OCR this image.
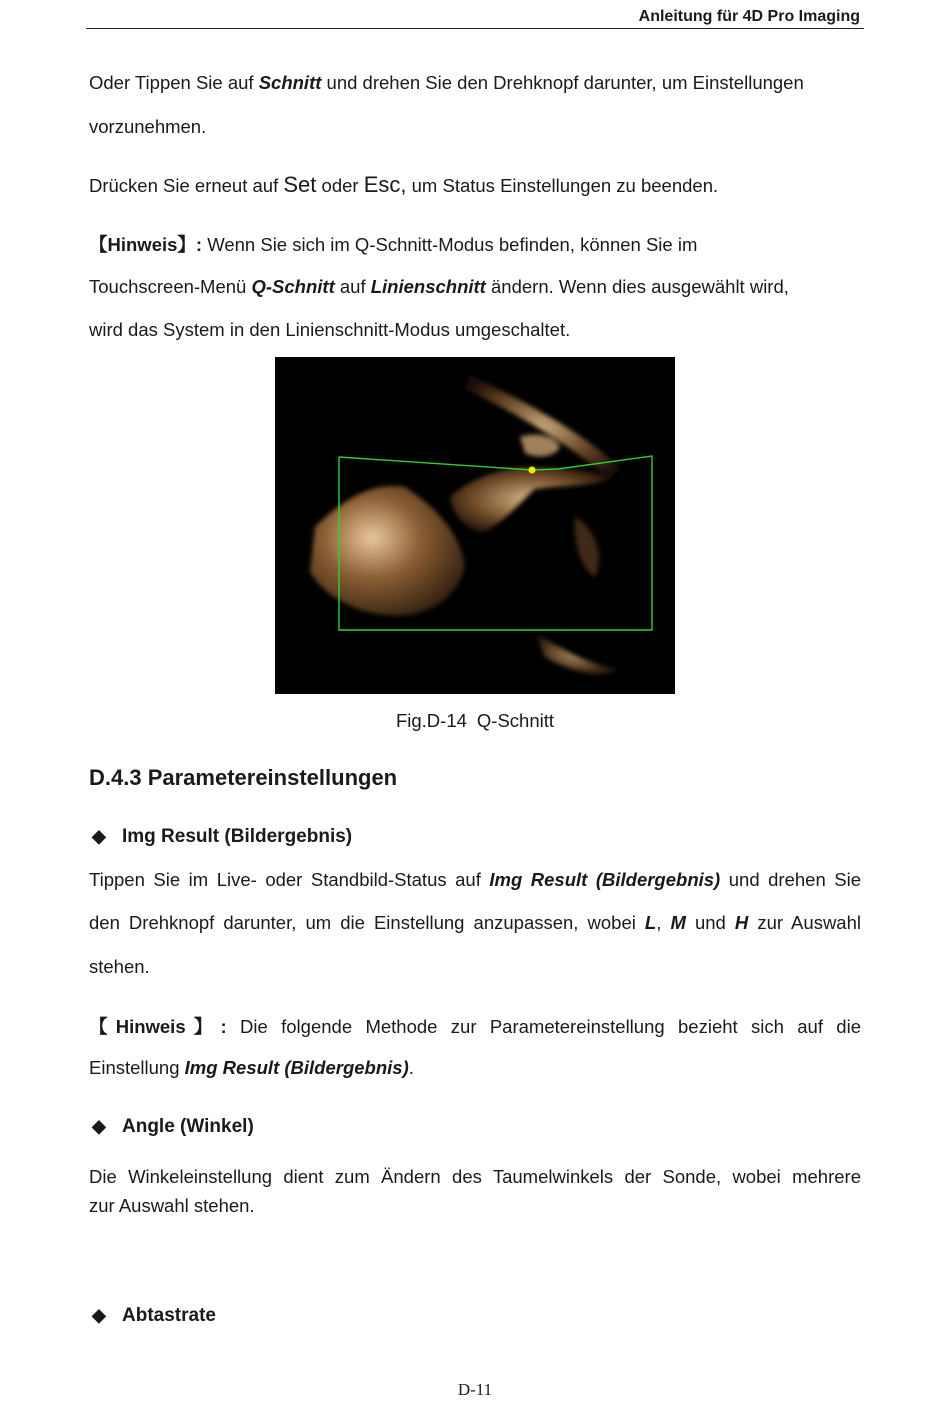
Anleitung für 4D Pro Imaging

Oder Tippen Sie auf Schnitt und drehen Sie den Drehknopf darunter, um Einstellungen

vorzunehmen.

Drücken Sie erneut auf Set oder Esc, um Status Einstellungen zu beenden.

【Hinweis】: Wenn Sie sich im Q-Schnitt-Modus befinden, können Sie im

Touchscreen-Menü Q-Schnitt auf Linienschnitt ändern. Wenn dies ausgewählt wird,

wird das System in den Linienschnitt-Modus umgeschaltet.

Fig.D-14 Q-Schnitt
D.4.3 Parametereinstellungen
◆ Img Result (Bildergebnis)

Tippen Sie im Live- oder Standbild-Status auf Img Result (Bildergebnis) und drehen Sie

den Drehknopf darunter, um die Einstellung anzupassen, wobei L, M und H zur Auswahl

stehen.

【Hinweis】: Die folgende Methode zur Parametereinstellung bezieht sich auf die

Einstellung Img Result (Bildergebnis).

◆ Angle (Winkel)

Die Winkeleinstellung dient zum Ändern des Taumelwinkels der Sonde, wobei mehrere

zur Auswahl stehen.

◆ Abtastrate
D-11
